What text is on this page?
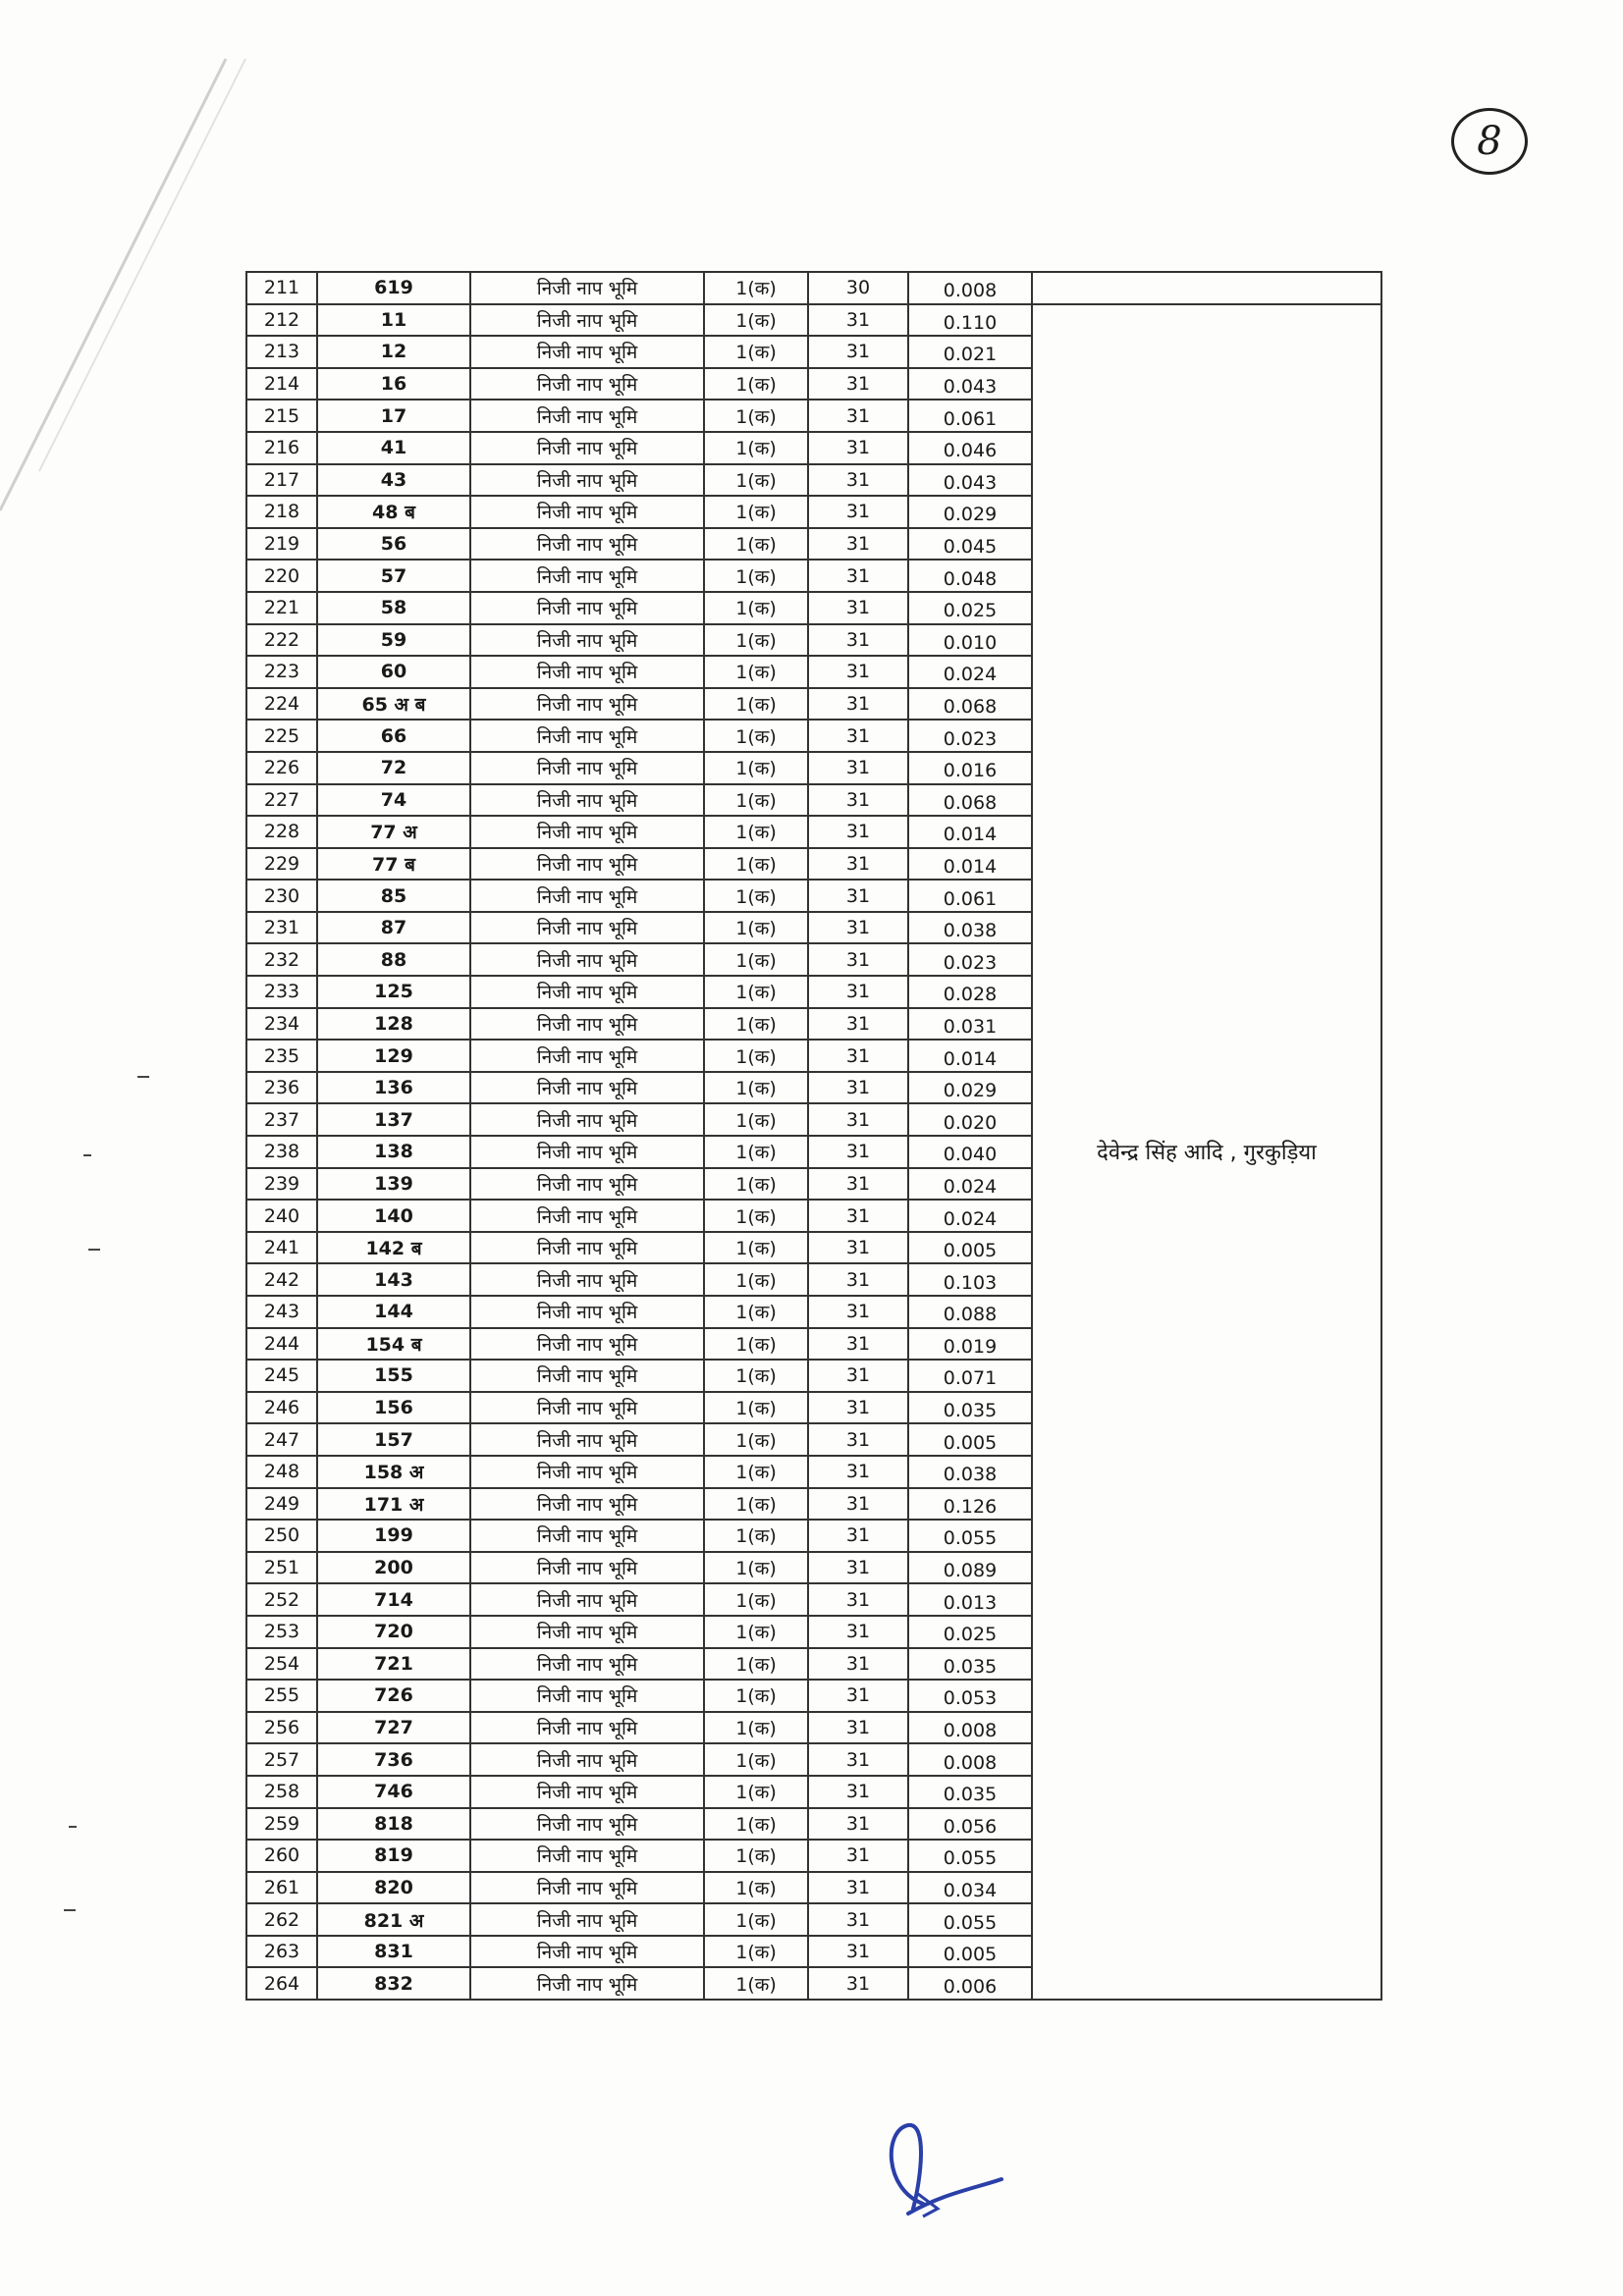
8
211	619	निजी नाप भूमि	1(क)	30	0.008	
212	11	निजी नाप भूमि	1(क)	31	0.110	देवेन्द्र सिंह आदि , गुरकुड़िया
213	12	निजी नाप भूमि	1(क)	31	0.021	
214	16	निजी नाप भूमि	1(क)	31	0.043	
215	17	निजी नाप भूमि	1(क)	31	0.061	
216	41	निजी नाप भूमि	1(क)	31	0.046	
217	43	निजी नाप भूमि	1(क)	31	0.043	
218	48 ब	निजी नाप भूमि	1(क)	31	0.029	
219	56	निजी नाप भूमि	1(क)	31	0.045	
220	57	निजी नाप भूमि	1(क)	31	0.048	
221	58	निजी नाप भूमि	1(क)	31	0.025	
222	59	निजी नाप भूमि	1(क)	31	0.010	
223	60	निजी नाप भूमि	1(क)	31	0.024	
224	65 अ ब	निजी नाप भूमि	1(क)	31	0.068	
225	66	निजी नाप भूमि	1(क)	31	0.023	
226	72	निजी नाप भूमि	1(क)	31	0.016	
227	74	निजी नाप भूमि	1(क)	31	0.068	
228	77 अ	निजी नाप भूमि	1(क)	31	0.014	
229	77 ब	निजी नाप भूमि	1(क)	31	0.014	
230	85	निजी नाप भूमि	1(क)	31	0.061	
231	87	निजी नाप भूमि	1(क)	31	0.038	
232	88	निजी नाप भूमि	1(क)	31	0.023	
233	125	निजी नाप भूमि	1(क)	31	0.028	
234	128	निजी नाप भूमि	1(क)	31	0.031	
235	129	निजी नाप भूमि	1(क)	31	0.014	
236	136	निजी नाप भूमि	1(क)	31	0.029	
237	137	निजी नाप भूमि	1(क)	31	0.020	
238	138	निजी नाप भूमि	1(क)	31	0.040	
239	139	निजी नाप भूमि	1(क)	31	0.024	
240	140	निजी नाप भूमि	1(क)	31	0.024	
241	142 ब	निजी नाप भूमि	1(क)	31	0.005	
242	143	निजी नाप भूमि	1(क)	31	0.103	
243	144	निजी नाप भूमि	1(क)	31	0.088	
244	154 ब	निजी नाप भूमि	1(क)	31	0.019	
245	155	निजी नाप भूमि	1(क)	31	0.071	
246	156	निजी नाप भूमि	1(क)	31	0.035	
247	157	निजी नाप भूमि	1(क)	31	0.005	
248	158 अ	निजी नाप भूमि	1(क)	31	0.038	
249	171 अ	निजी नाप भूमि	1(क)	31	0.126	
250	199	निजी नाप भूमि	1(क)	31	0.055	
251	200	निजी नाप भूमि	1(क)	31	0.089	
252	714	निजी नाप भूमि	1(क)	31	0.013	
253	720	निजी नाप भूमि	1(क)	31	0.025	
254	721	निजी नाप भूमि	1(क)	31	0.035	
255	726	निजी नाप भूमि	1(क)	31	0.053	
256	727	निजी नाप भूमि	1(क)	31	0.008	
257	736	निजी नाप भूमि	1(क)	31	0.008	
258	746	निजी नाप भूमि	1(क)	31	0.035	
259	818	निजी नाप भूमि	1(क)	31	0.056	
260	819	निजी नाप भूमि	1(क)	31	0.055	
261	820	निजी नाप भूमि	1(क)	31	0.034	
262	821 अ	निजी नाप भूमि	1(क)	31	0.055	
263	831	निजी नाप भूमि	1(क)	31	0.005	
264	832	निजी नाप भूमि	1(क)	31	0.006	
